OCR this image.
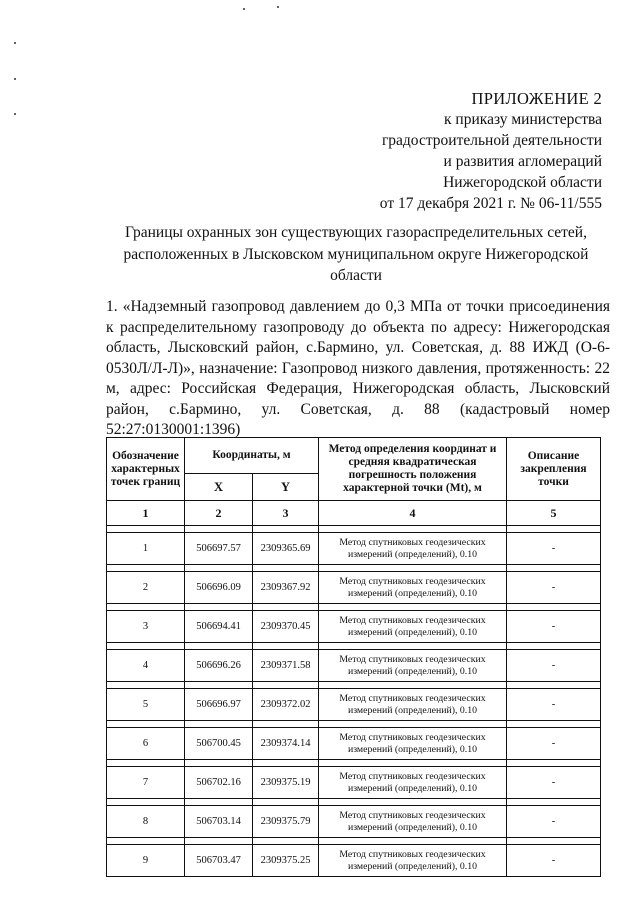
ПРИЛОЖЕНИЕ 2
к приказу министерства
градостроительной деятельности
и развития агломераций
Нижегородской области
от 17 декабря 2021 г. № 06-11/555
Границы охранных зон существующих газораспределительных сетей, расположенных в Лысковском муниципальном округе Нижегородской области
1. «Надземный газопровод давлением до 0,3 МПа от точки присоединения к распределительному газопроводу до объекта по адресу: Нижегородская область, Лысковский район, с.Бармино, ул. Советская, д. 88 ИЖД (О-6-0530Л/Л-Л)», назначение: Газопровод низкого давления, протяженность: 22 м, адрес: Российская Федерация, Нижегородская область, Лысковский район, с.Бармино, ул. Советская, д. 88 (кадастровый номер 52:27:0130001:1396)
Обозначение характерных точек границ	Координаты, м		Метод определения координат и средняя квадратическая погрешность положения характерной точки (Mt), м	Описание закрепления точки
	X	Y		
1	2	3	4	5

1	506697.57	2309365.69	Метод спутниковых геодезических измерений (определений), 0.10	-

2	506696.09	2309367.92	Метод спутниковых геодезических измерений (определений), 0.10	-

3	506694.41	2309370.45	Метод спутниковых геодезических измерений (определений), 0.10	-

4	506696.26	2309371.58	Метод спутниковых геодезических измерений (определений), 0.10	-

5	506696.97	2309372.02	Метод спутниковых геодезических измерений (определений), 0.10	-

6	506700.45	2309374.14	Метод спутниковых геодезических измерений (определений), 0.10	-

7	506702.16	2309375.19	Метод спутниковых геодезических измерений (определений), 0.10	-

8	506703.14	2309375.79	Метод спутниковых геодезических измерений (определений), 0.10	-

9	506703.47	2309375.25	Метод спутниковых геодезических измерений (определений), 0.10	-
